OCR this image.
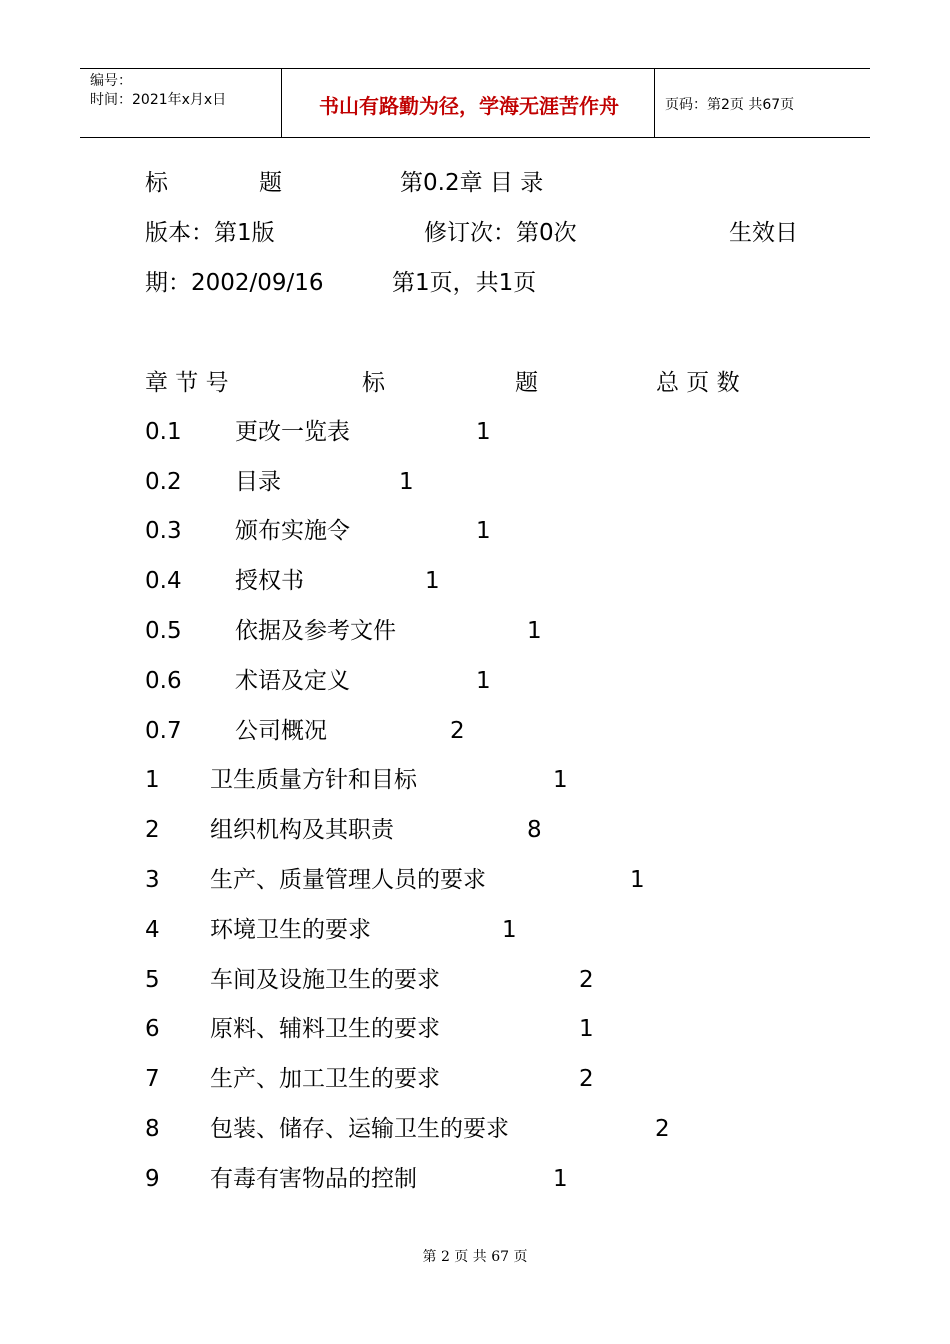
编号：
时间：2021年x月x日	书山有路勤为径，学海无涯苦作舟	页码：第2页 共67页
标	题	第0.2章 目 录
版本：第1版	修订次：第0次	生效日
期：2002/09/16	第1页，共1页
章 节 号	标	题	总 页 数
0.1 更改一览表	1
0.2 目录	1
0.3 颁布实施令	1
0.4 授权书	1
0.5 依据及参考文件	1
0.6 术语及定义	1
0.7 公司概况	2
1 卫生质量方针和目标	1
2 组织机构及其职责	8
3 生产、质量管理人员的要求	1
4 环境卫生的要求	1
5 车间及设施卫生的要求	2
6 原料、辅料卫生的要求	1
7 生产、加工卫生的要求	2
8 包装、储存、运输卫生的要求	2
9 有毒有害物品的控制	1
第 2 页 共 67 页
